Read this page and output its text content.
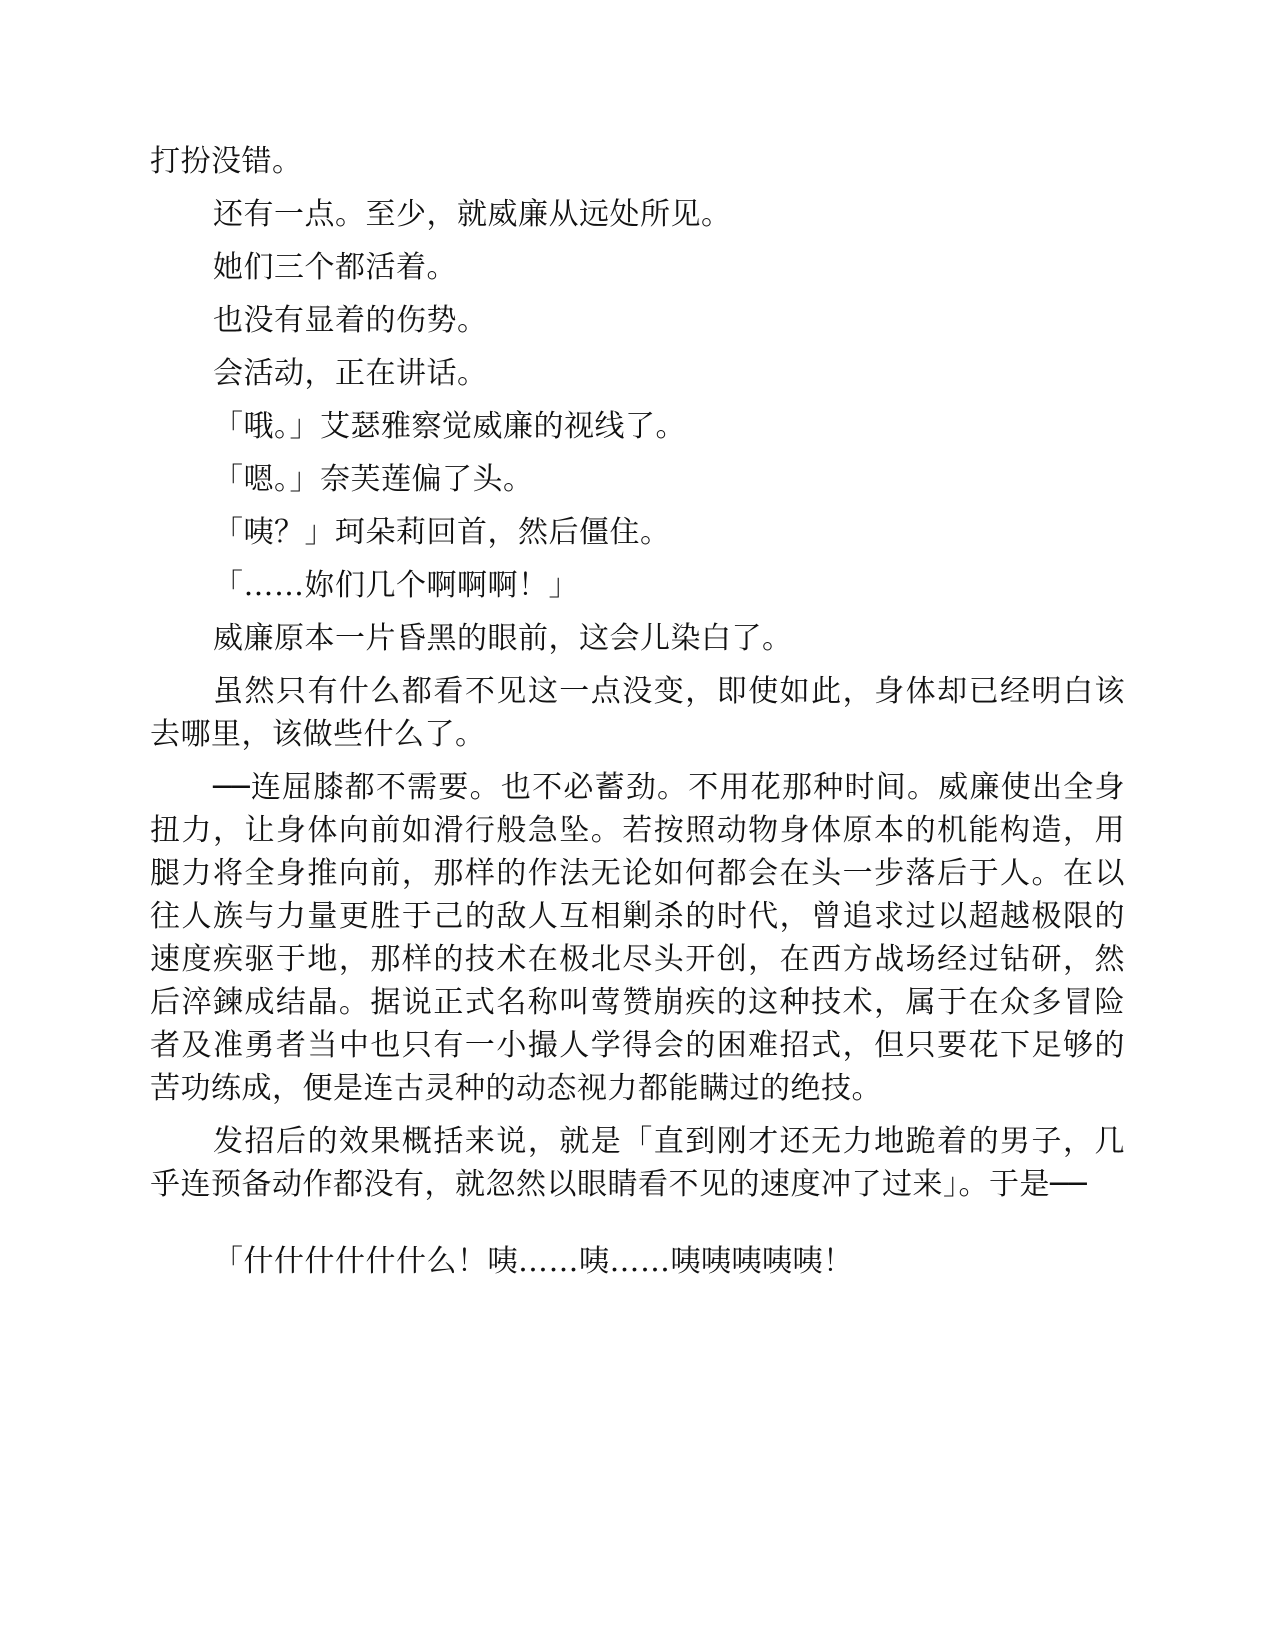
打扮没错。

还有一点。至少，就威廉从远处所见。

她们三个都活着。

也没有显着的伤势。

会活动，正在讲话。

「哦。」艾瑟雅察觉威廉的视线了。

「嗯。」奈芙莲偏了头。

「咦？」珂朵莉回首，然后僵住。

「……妳们几个啊啊啊！」

威廉原本一片昏黑的眼前，这会儿染白了。

虽然只有什么都看不见这一点没变，即使如此，身体却已经明白该去哪里，该做些什么了。

──连屈膝都不需要。也不必蓄劲。不用花那种时间。威廉使出全身扭力，让身体向前如滑行般急坠。若按照动物身体原本的机能构造，用腿力将全身推向前，那样的作法无论如何都会在头一步落后于人。在以往人族与力量更胜于己的敌人互相剿杀的时代，曾追求过以超越极限的速度疾驱于地，那样的技术在极北尽头开创，在西方战场经过钻研，然后淬鍊成结晶。据说正式名称叫莺赞崩疾的这种技术，属于在众多冒险者及准勇者当中也只有一小撮人学得会的困难招式，但只要花下足够的苦功练成，便是连古灵种的动态视力都能瞒过的绝技。

发招后的效果概括来说，就是「直到刚才还无力地跪着的男子，几乎连预备动作都没有，就忽然以眼睛看不见的速度冲了过来」。于是──

「什什什什什什么！咦……咦……咦咦咦咦咦！
